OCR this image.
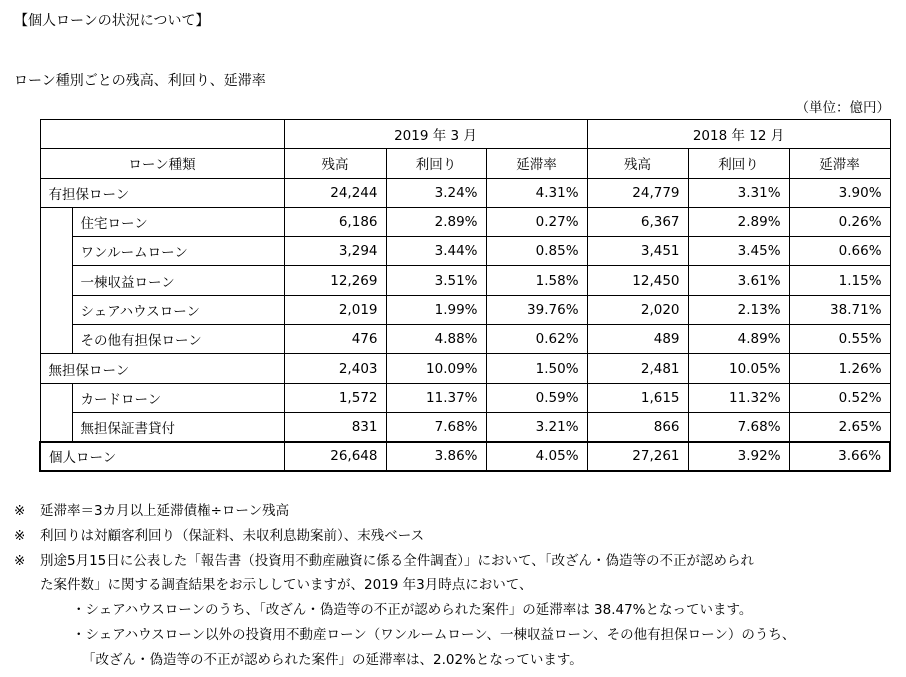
【個人ローンの状況について】
ローン種別ごとの残高、利回り、延滞率
（単位：億円）
		2019 年 3 月			2018 年 12 月		
ローン種類		残高	利回り	延滞率	残高	利回り	延滞率
有担保ローン		24,244	3.24%	4.31%	24,779	3.31%	3.90%
	住宅ローン	6,186	2.89%	0.27%	6,367	2.89%	0.26%
	ワンルームローン	3,294	3.44%	0.85%	3,451	3.45%	0.66%
	一棟収益ローン	12,269	3.51%	1.58%	12,450	3.61%	1.15%
	シェアハウスローン	2,019	1.99%	39.76%	2,020	2.13%	38.71%
	その他有担保ローン	476	4.88%	0.62%	489	4.89%	0.55%
無担保ローン		2,403	10.09%	1.50%	2,481	10.05%	1.26%
	カードローン	1,572	11.37%	0.59%	1,615	11.32%	0.52%
	無担保証書貸付	831	7.68%	3.21%	866	7.68%	2.65%
個人ローン		26,648	3.86%	4.05%	27,261	3.92%	3.66%
※ 延滞率＝3カ月以上延滞債権÷ローン残高
※ 利回りは対顧客利回り（保証料、未収利息勘案前）、末残ベース
※ 別途5月15日に公表した「報告書（投資用不動産融資に係る全件調査）」において、「改ざん・偽造等の不正が認められ
た案件数」に関する調査結果をお示ししていますが、2019 年3月時点において、
・シェアハウスローンのうち、「改ざん・偽造等の不正が認められた案件」の延滞率は 38.47%となっています。
・シェアハウスローン以外の投資用不動産ローン（ワンルームローン、一棟収益ローン、その他有担保ローン）のうち、
「改ざん・偽造等の不正が認められた案件」の延滞率は、2.02%となっています。
